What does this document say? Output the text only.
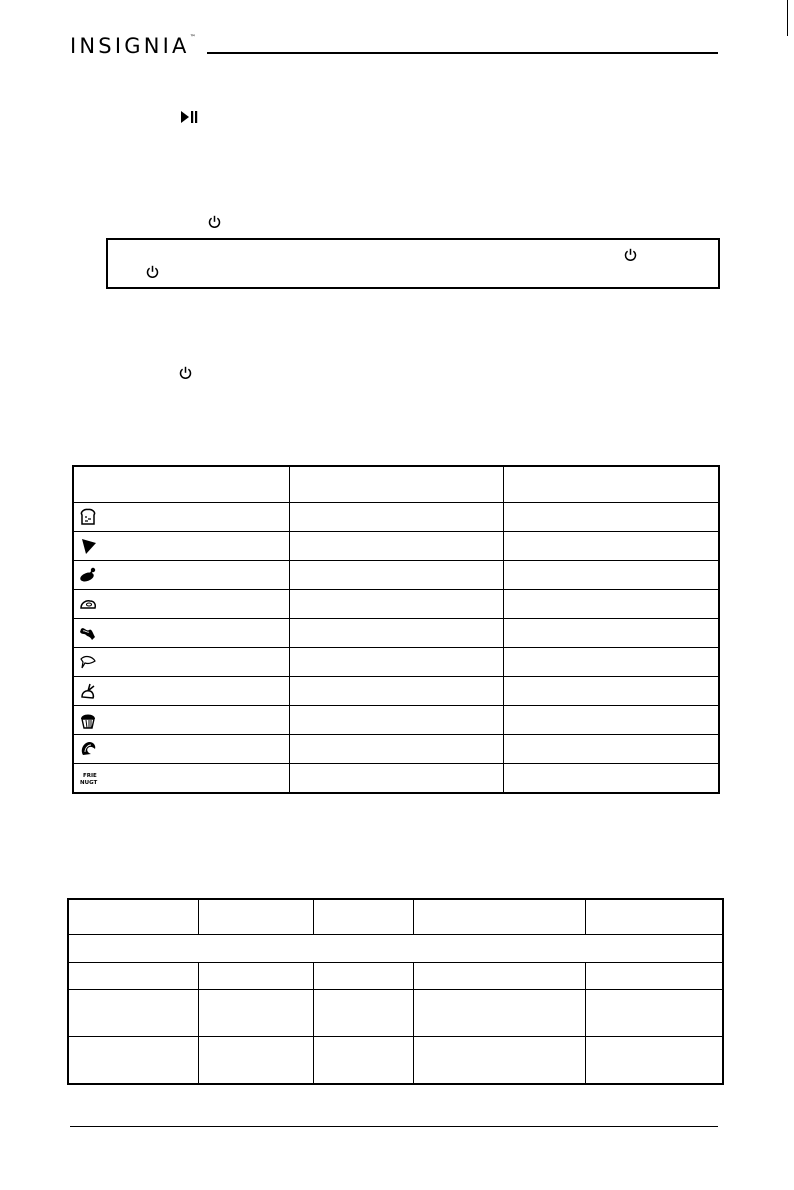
INSIGNIA™

FRIE
NUGT		
